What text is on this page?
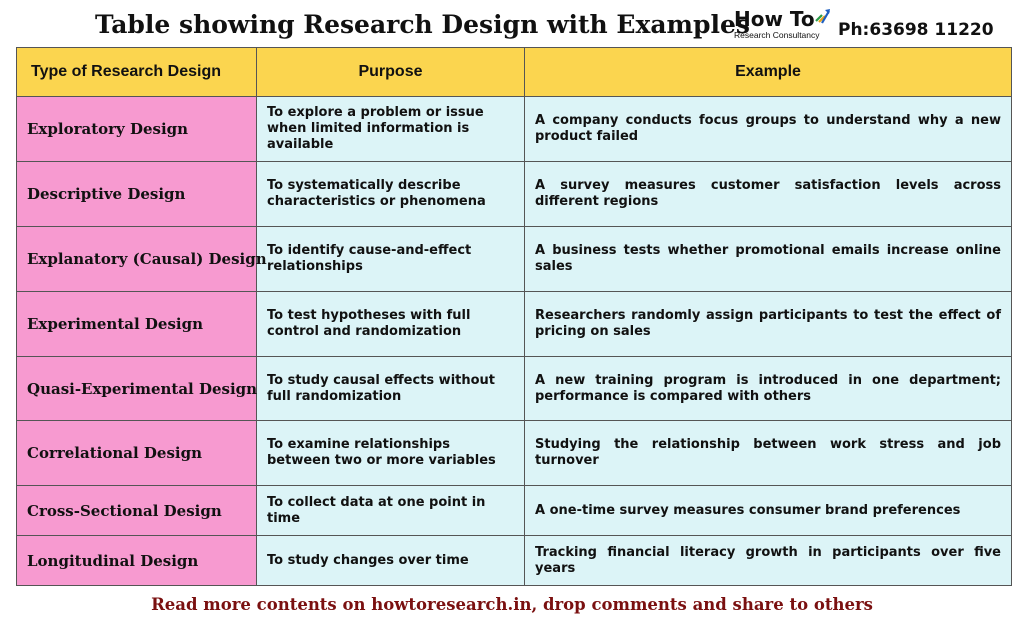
Table showing Research Design with Examples
How To
Research Consultancy	Ph:63698 11220
Type of Research Design	Purpose	Example
Exploratory Design	To explore a problem or issue when limited information is available	A company conducts focus groups to understand why a new product failed
Descriptive Design	To systematically describe characteristics or phenomena	A survey measures customer satisfaction levels across different regions
Explanatory (Causal) Design	To identify cause-and-effect relationships	A business tests whether promotional emails increase online sales
Experimental Design	To test hypotheses with full control and randomization	Researchers randomly assign participants to test the effect of pricing on sales
Quasi-Experimental Design	To study causal effects without full randomization	A new training program is introduced in one department; performance is compared with others
Correlational Design	To examine relationships between two or more variables	Studying the relationship between work stress and job turnover
Cross-Sectional Design	To collect data at one point in time	A one-time survey measures consumer brand preferences
Longitudinal Design	To study changes over time	Tracking financial literacy growth in participants over five years
Read more contents on howtoresearch.in, drop comments and share to others
